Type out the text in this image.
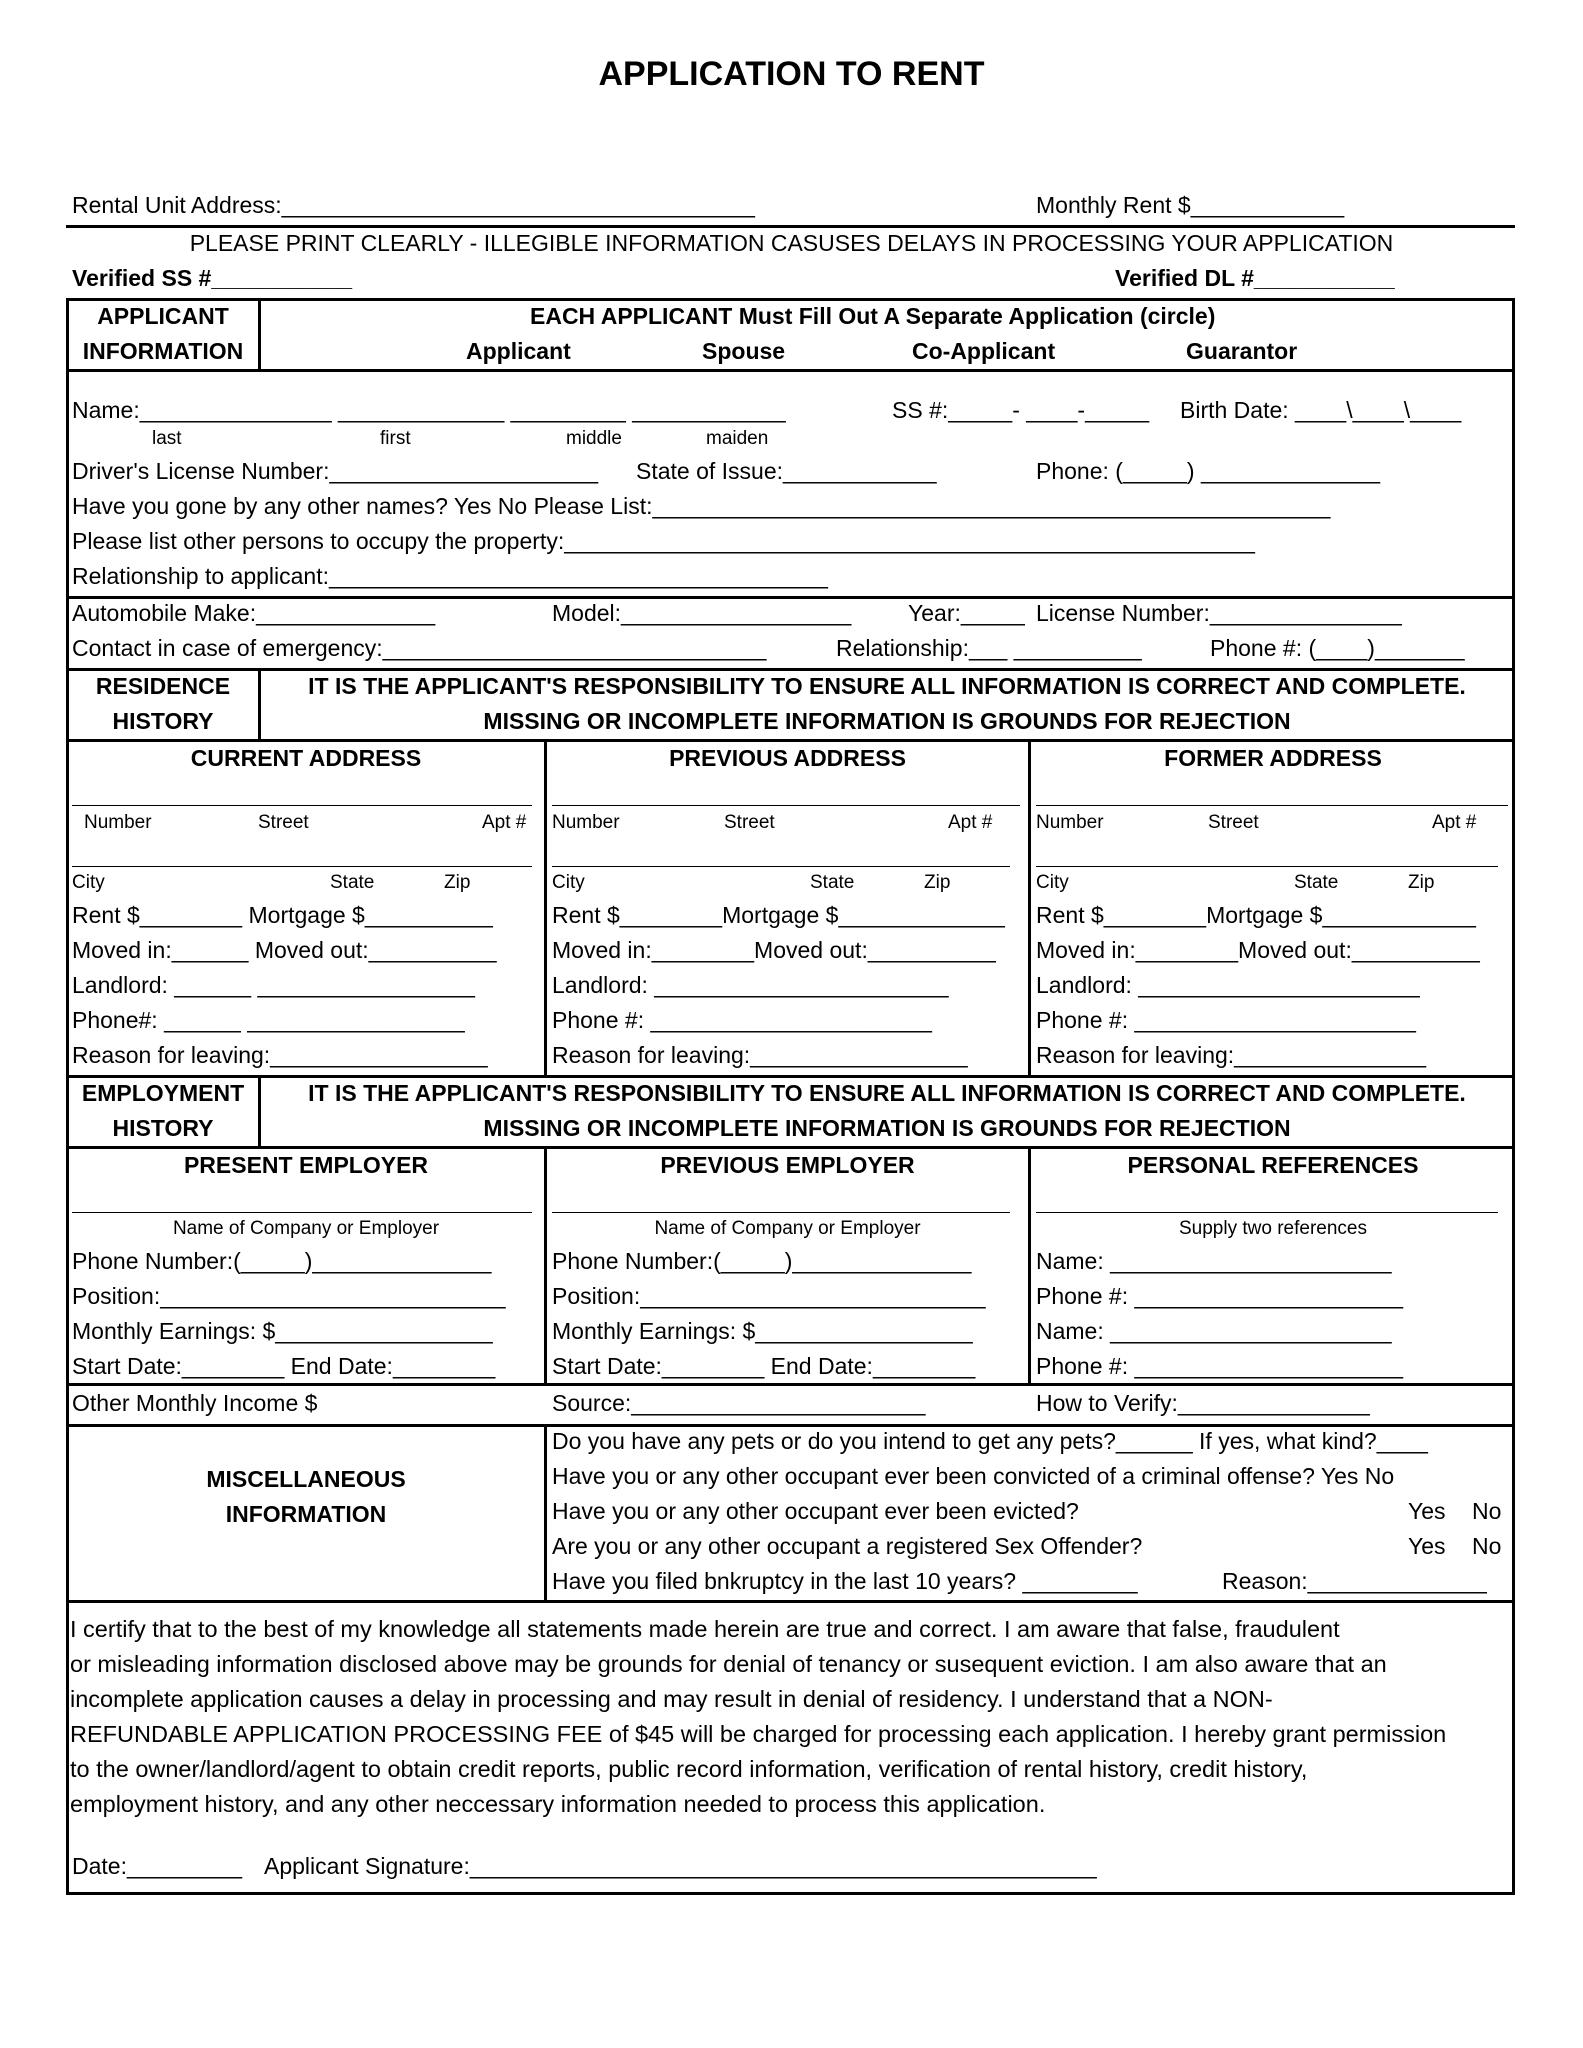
APPLICATION TO RENT
Rental Unit Address:_____________________________________	Monthly Rent $____________
PLEASE PRINT CLEARLY - ILLEGIBLE INFORMATION CASUSES DELAYS IN PROCESSING YOUR APPLICATION
Verified SS #___________	Verified DL #___________
APPLICANT
INFORMATION
EACH APPLICANT Must Fill Out A Separate Application (circle)
Applicant	Spouse	Co-Applicant	Guarantor
Name:_______________ _____________ _________ ____________	SS #:_____- ____-_____ Birth Date: ____\____\____
last	first	middle	maiden
Driver's License Number:_____________________ State of Issue:____________	Phone: (_____) ______________
Have you gone by any other names? Yes No Please List:_____________________________________________________
Please list other persons to occupy the property:______________________________________________________
Relationship to applicant:_______________________________________
Automobile Make:______________	Model:__________________ Year:_____ License Number:_______________
Contact in case of emergency:______________________________	Relationship:___ __________	Phone #: (____)_______
RESIDENCE
HISTORY
IT IS THE APPLICANT'S RESPONSIBILITY TO ENSURE ALL INFORMATION IS CORRECT AND COMPLETE.
MISSING OR INCOMPLETE INFORMATION IS GROUNDS FOR REJECTION
CURRENT ADDRESS
Number	Street	Apt #
City	State	Zip
Rent $________ Mortgage $__________
Moved in:______ Moved out:__________
Landlord: ______ _________________
Phone#: ______ _________________
Reason for leaving:_________________
PREVIOUS ADDRESS
Number	Street	Apt #
City	State	Zip
Rent $________Mortgage $_____________
Moved in:________Moved out:__________
Landlord: _______________________
Phone #: ______________________
Reason for leaving:_________________
FORMER ADDRESS
Number	Street	Apt #
City	State	Zip
Rent $________Mortgage $____________
Moved in:________Moved out:__________
Landlord: ______________________
Phone #: ______________________
Reason for leaving:_______________
EMPLOYMENT
HISTORY
IT IS THE APPLICANT'S RESPONSIBILITY TO ENSURE ALL INFORMATION IS CORRECT AND COMPLETE.
MISSING OR INCOMPLETE INFORMATION IS GROUNDS FOR REJECTION
PRESENT EMPLOYER
Name of Company or Employer
Phone Number:(_____)______________
Position:___________________________
Monthly Earnings: $_________________
Start Date:________ End Date:________
PREVIOUS EMPLOYER
Name of Company or Employer
Phone Number:(_____)______________
Position:___________________________
Monthly Earnings: $_________________
Start Date:________ End Date:________
PERSONAL REFERENCES
Supply two references
Name: ______________________
Phone #: _____________________
Name: ______________________
Phone #: _____________________
Other Monthly Income $	Source:_______________________	How to Verify:_______________
MISCELLANEOUS
INFORMATION
Do you have any pets or do you intend to get any pets?______ If yes, what kind?____
Have you or any other occupant ever been convicted of a criminal offense? Yes No
Have you or any other occupant ever been evicted?	Yes No
Are you or any other occupant a registered Sex Offender?	Yes No
Have you filed bnkruptcy in the last 10 years? _________	Reason:______________

I certify that to the best of my knowledge all statements made herein are true and correct. I am aware that false, fraudulent

or misleading information disclosed above may be grounds for denial of tenancy or susequent eviction. I am also aware that an

incomplete application causes a delay in processing and may result in denial of residency. I understand that a NON-

REFUNDABLE APPLICATION PROCESSING FEE of $45 will be charged for processing each application. I hereby grant permission

to the owner/landlord/agent to obtain credit reports, public record information, verification of rental history, credit history,

employment history, and any other neccessary information needed to process this application.

Date:_________ Applicant Signature:_________________________________________________
